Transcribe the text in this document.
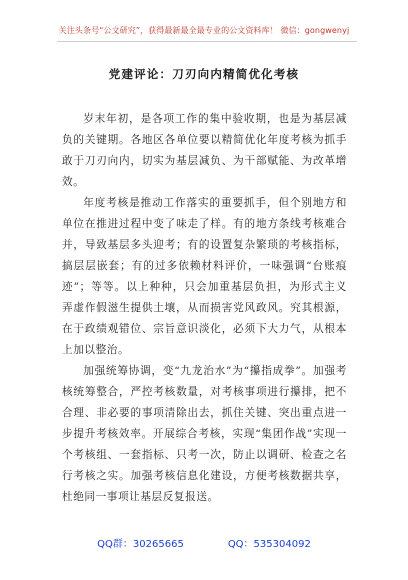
关注头条号“公文研究”，获得最新最全最专业的公文资料库！ 微信：gongwenyj
党建评论：刀刃向内精简优化考核

岁末年初，是各项工作的集中验收期，也是为基层减负的关键期。各地区各单位要以精简优化年度考核为抓手敢于刀刃向内，切实为基层减负、为干部赋能、为改革增效。

年度考核是推动工作落实的重要抓手，但个别地方和单位在推进过程中变了味走了样。有的地方条线考核难合并，导致基层多头迎考；有的设置复杂繁琐的考核指标，搞层层嵌套；有的过多依赖材料评价，一味强调“台账痕迹”；等等。以上种种，只会加重基层负担，为形式主义弄虚作假滋生提供土壤，从而损害党风政风。究其根源，在于政绩观错位、宗旨意识淡化，必须下大力气，从根本上加以整治。

加强统筹协调，变“九龙治水”为“攥指成拳”。加强考核统筹整合，严控考核数量，对考核事项进行攥排，把不合理、非必要的事项清除出去，抓住关键、突出重点进一步提升考核效率。开展综合考核，实现“集团作战”实现一个考核组、一套指标、只考一次，防止以调研、检查之名行考核之实。加强考核信息化建设，方便考核数据共享，杜绝同一事项让基层反复报送。

QQ群：30265665	QQ：535304092
